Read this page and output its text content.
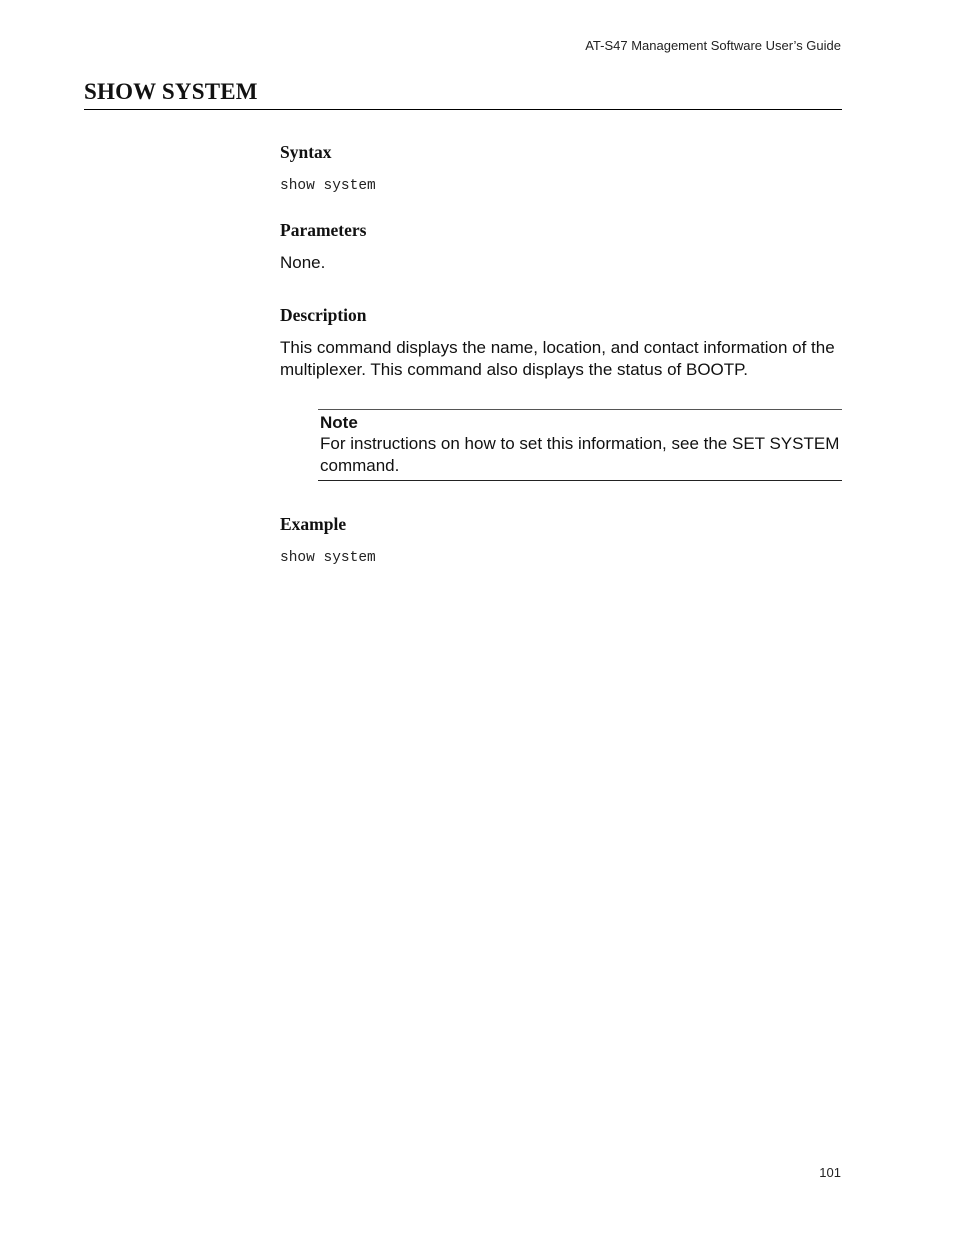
AT-S47 Management Software User’s Guide
SHOW SYSTEM
Syntax
show system
Parameters

None.

Description

This command displays the name, location, and contact information of the multiplexer. This command also displays the status of BOOTP.

Note
For instructions on how to set this information, see the SET SYSTEM command.
Example
show system
101
